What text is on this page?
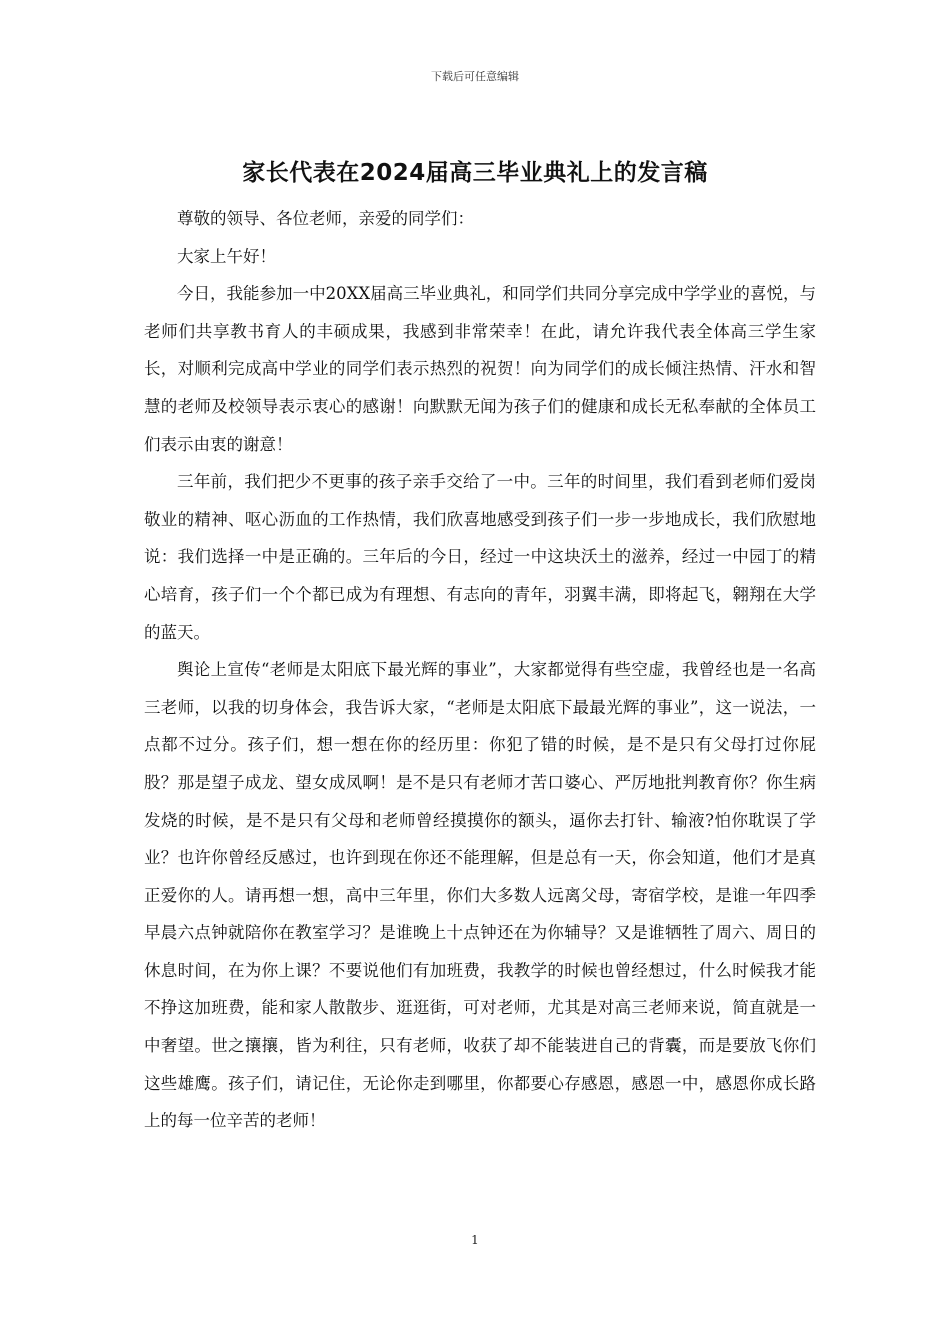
下载后可任意编辑
家长代表在2024届高三毕业典礼上的发言稿

尊敬的领导、各位老师，亲爱的同学们：

大家上午好！

今日，我能参加一中20XX届高三毕业典礼，和同学们共同分享完成中学学业的喜悦，与老师们共享教书育人的丰硕成果，我感到非常荣幸！在此，请允许我代表全体高三学生家长，对顺利完成高中学业的同学们表示热烈的祝贺！向为同学们的成长倾注热情、汗水和智慧的老师及校领导表示衷心的感谢！向默默无闻为孩子们的健康和成长无私奉献的全体员工们表示由衷的谢意！

三年前，我们把少不更事的孩子亲手交给了一中。三年的时间里，我们看到老师们爱岗敬业的精神、呕心沥血的工作热情，我们欣喜地感受到孩子们一步一步地成长，我们欣慰地说：我们选择一中是正确的。三年后的今日，经过一中这块沃土的滋养，经过一中园丁的精心培育，孩子们一个个都已成为有理想、有志向的青年，羽翼丰满，即将起飞，翱翔在大学的蓝天。

舆论上宣传“老师是太阳底下最光辉的事业”，大家都觉得有些空虚，我曾经也是一名高三老师，以我的切身体会，我告诉大家，“老师是太阳底下最最光辉的事业”，这一说法，一点都不过分。孩子们，想一想在你的经历里：你犯了错的时候，是不是只有父母打过你屁股？那是望子成龙、望女成凤啊！是不是只有老师才苦口婆心、严厉地批判教育你？你生病发烧的时候，是不是只有父母和老师曾经摸摸你的额头，逼你去打针、输液?怕你耽误了学业？也许你曾经反感过，也许到现在你还不能理解，但是总有一天，你会知道，他们才是真正爱你的人。请再想一想，高中三年里，你们大多数人远离父母，寄宿学校，是谁一年四季早晨六点钟就陪你在教室学习？是谁晚上十点钟还在为你辅导？又是谁牺牲了周六、周日的休息时间，在为你上课？不要说他们有加班费，我教学的时候也曾经想过，什么时候我才能不挣这加班费，能和家人散散步、逛逛街，可对老师，尤其是对高三老师来说，简直就是一中奢望。世之攘攘，皆为利往，只有老师，收获了却不能装进自己的背囊，而是要放飞你们这些雄鹰。孩子们，请记住，无论你走到哪里，你都要心存感恩，感恩一中，感恩你成长路上的每一位辛苦的老师！

1
